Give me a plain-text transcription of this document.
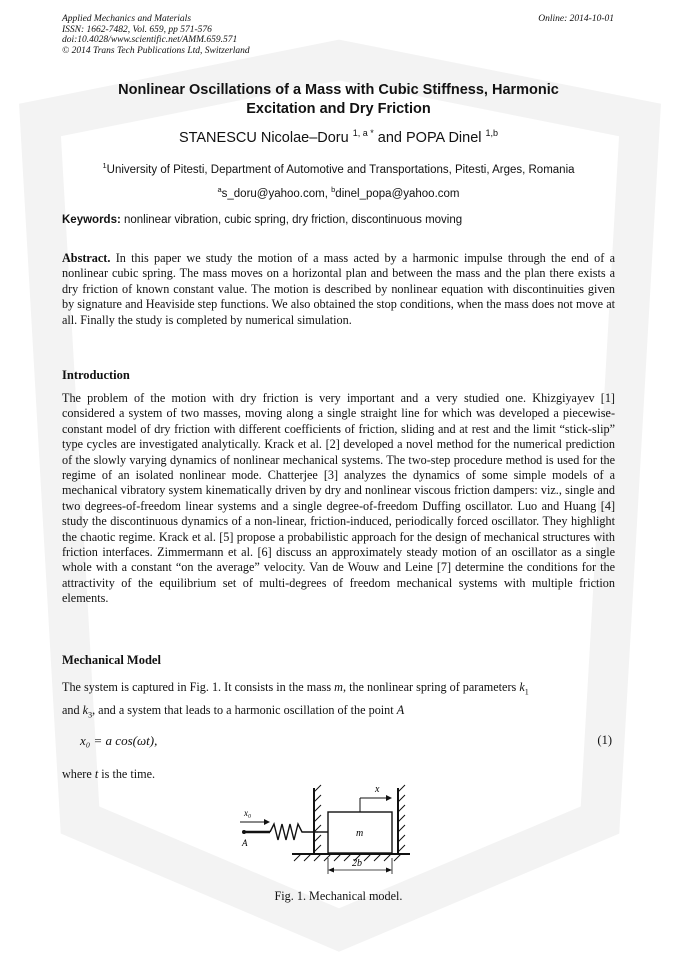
Applied Mechanics and Materials
ISSN: 1662-7482, Vol. 659, pp 571-576
doi:10.4028/www.scientific.net/AMM.659.571
© 2014 Trans Tech Publications Ltd, Switzerland
Online: 2014-10-01
Nonlinear Oscillations of a Mass with Cubic Stiffness, Harmonic
Excitation and Dry Friction
STANESCU Nicolae–Doru $^{1, a *}$ and POPA Dinel $^{1,b}$
$^1$University of Pitesti, Department of Automotive and Transportations, Pitesti, Arges, Romania
$^a$s_doru@yahoo.com, $^b$dinel_popa@yahoo.com
Keywords: nonlinear vibration, cubic spring, dry friction, discontinuous moving

Abstract. In this paper we study the motion of a mass acted by a harmonic impulse through the end of a nonlinear cubic spring. The mass moves on a horizontal plan and between the mass and the plan there exists a dry friction of known constant value. The motion is described by nonlinear equation with discontinuities given by signature and Heaviside step functions. We also obtained the stop conditions, when the mass does not move at all. Finally the study is completed by numerical simulation.

Introduction

The problem of the motion with dry friction is very important and a very studied one. Khizgiyayev [1] considered a system of two masses, moving along a single straight line for which was developed a piecewise-constant model of dry friction with different coefficients of friction, sliding and at rest and the limit “stick-slip” type cycles are investigated analytically. Krack et al. [2] developed a novel method for the numerical prediction of the slowly varying dynamics of nonlinear mechanical systems. The two-step procedure method is used for the regime of an isolated nonlinear mode. Chatterjee [3] analyzes the dynamics of some simple models of a mechanical vibratory system kinematically driven by dry and nonlinear viscous friction dampers: viz., single and two degrees-of-freedom linear systems and a single degree-of-freedom Duffing oscillator. Luo and Huang [4] study the discontinuous dynamics of a non-linear, friction-induced, periodically forced oscillator. They highlight the chaotic regime. Krack et al. [5] propose a probabilistic approach for the design of mechanical structures with friction interfaces. Zimmermann et al. [6] discuss an approximately steady motion of an oscillator as a single whole with a constant “on the average” velocity. Van de Wouw and Leine [7] determine the conditions for the attractivity of the equilibrium set of multi-degrees of freedom mechanical systems with multiple friction elements.

Mechanical Model

The system is captured in Fig. 1. It consists in the mass m, the nonlinear spring of parameters $k_1$
and $k_3$, and a system that leads to a harmonic oscillation of the point A

x₀ = a cos(ωt),	(1)
where t is the time.
x
x₀
A
m
2b
Fig. 1. Mechanical model.
